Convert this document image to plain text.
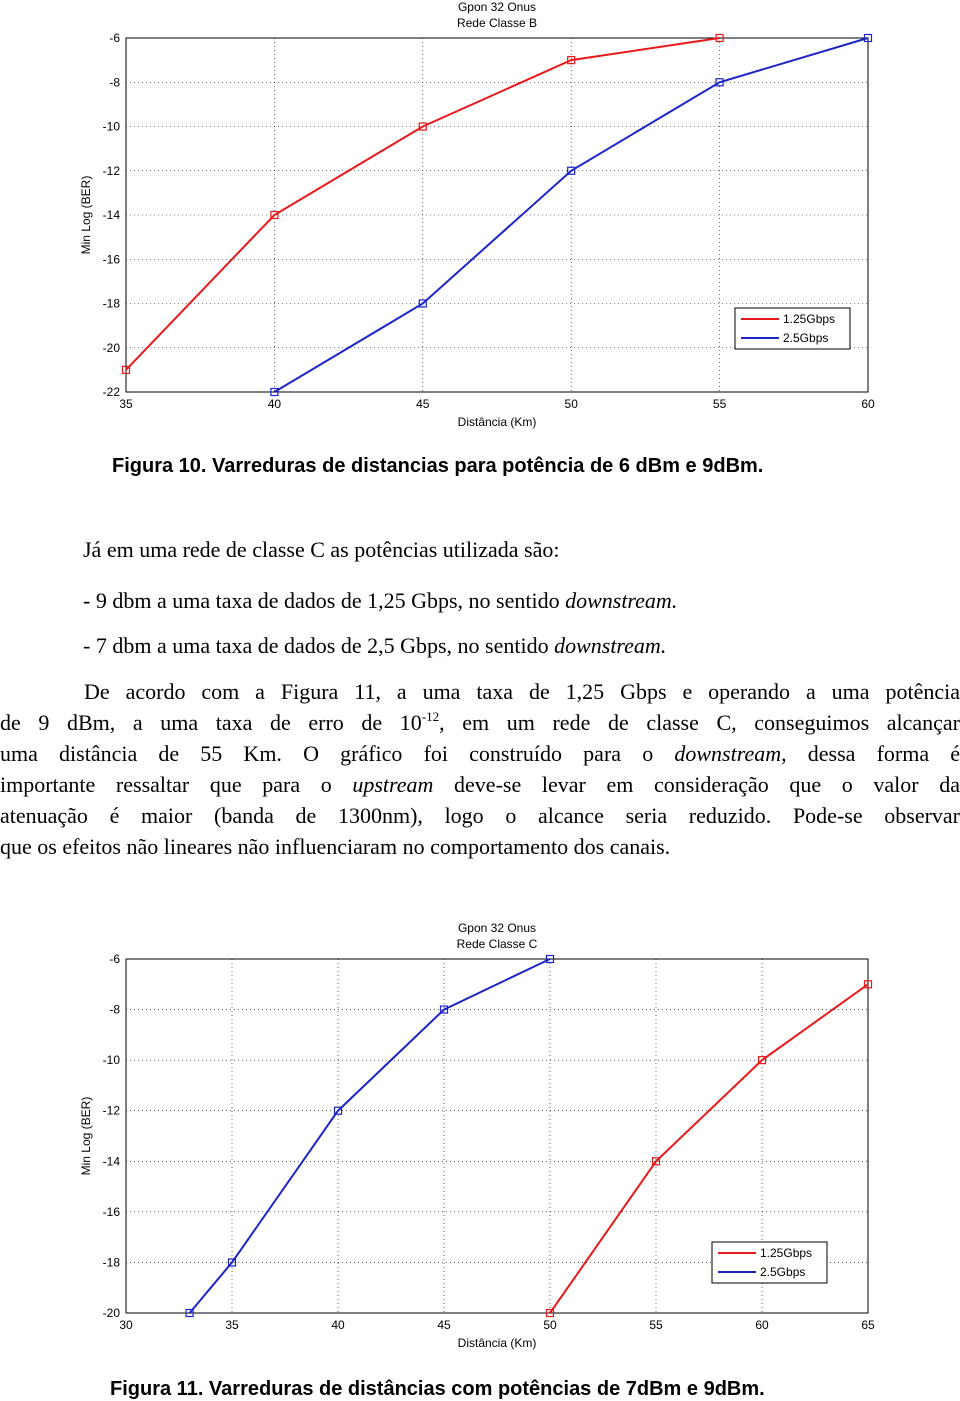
Gpon 32 Onus
Rede Classe B
35	40	45	50	55	60
-6
-8
-10
-12
-14
-16
-18
-20
-22
Distância (Km)
Min Log (BER)
1.25Gbps
2.5Gbps
Figura 10. Varreduras de distancias para potência de 6 dBm e 9dBm.
Já em uma rede de classe C as potências utilizada são:
- 9 dbm a uma taxa de dados de 1,25 Gbps, no sentido downstream.
- 7 dbm a uma taxa de dados de 2,5 Gbps, no sentido downstream.
De acordo com a Figura 11, a uma taxa de 1,25 Gbps e operando a uma potência
de 9 dBm, a uma taxa de erro de $10^{-12}$, em um rede de classe C, conseguimos alcançar
uma distância de 55 Km. O gráfico foi construído para o downstream, dessa forma é
importante ressaltar que para o upstream deve-se levar em consideração que o valor da
atenuação é maior (banda de 1300nm), logo o alcance seria reduzido. Pode-se observar
que os efeitos não lineares não influenciaram no comportamento dos canais.
Gpon 32 Onus
Rede Classe C
30	35	40	45	50	55	60	65
-6
-8
-10
-12
-14
-16
-18
-20
Distância (Km)
Min Log (BER)
1.25Gbps
2.5Gbps
Figura 11. Varreduras de distâncias com potências de 7dBm e 9dBm.
